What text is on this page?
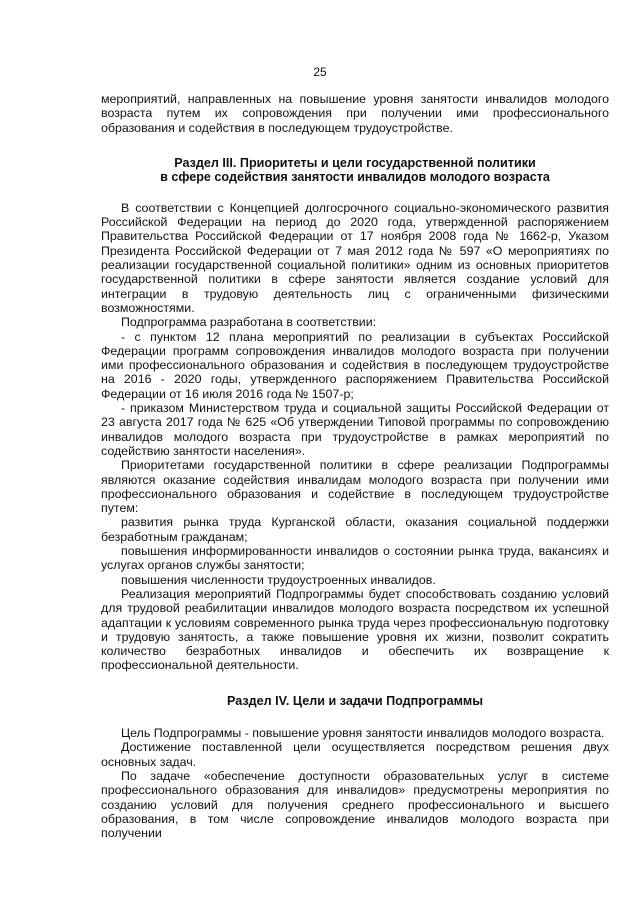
25

мероприятий, направленных на повышение уровня занятости инвалидов молодого возраста путем их сопровождения при получении ими профессионального образования и содействия в последующем трудоустройстве.

Раздел III. Приоритеты и цели государственной политики
в сфере содействия занятости инвалидов молодого возраста

В соответствии с Концепцией долгосрочного социально-экономического развития Российской Федерации на период до 2020 года, утвержденной распоряжением Правительства Российской Федерации от 17 ноября 2008 года № 1662-р, Указом Президента Российской Федерации от 7 мая 2012 года № 597 «О мероприятиях по реализации государственной социальной политики» одним из основных приоритетов государственной политики в сфере занятости является создание условий для интеграции в трудовую деятельность лиц с ограниченными физическими возможностями.

Подпрограмма разработана в соответствии:

- с пунктом 12 плана мероприятий по реализации в субъектах Российской Федерации программ сопровождения инвалидов молодого возраста при получении ими профессионального образования и содействия в последующем трудоустройстве на 2016 - 2020 годы, утвержденного распоряжением Правительства Российской Федерации от 16 июля 2016 года № 1507-р;

- приказом Министерством труда и социальной защиты Российской Федерации от 23 августа 2017 года № 625 «Об утверждении Типовой программы по сопровождению инвалидов молодого возраста при трудоустройстве в рамках мероприятий по содействию занятости населения».

Приоритетами государственной политики в сфере реализации Подпрограммы являются оказание содействия инвалидам молодого возраста при получении ими профессионального образования и содействие в последующем трудоустройстве путем:

развития рынка труда Курганской области, оказания социальной поддержки безработным гражданам;

повышения информированности инвалидов о состоянии рынка труда, вакансиях и услугах органов службы занятости;

повышения численности трудоустроенных инвалидов.

Реализация мероприятий Подпрограммы будет способствовать созданию условий для трудовой реабилитации инвалидов молодого возраста посредством их успешной адаптации к условиям современного рынка труда через профессиональную подготовку и трудовую занятость, а также повышение уровня их жизни, позволит сократить количество безработных инвалидов и обеспечить их возвращение к профессиональной деятельности.

Раздел IV. Цели и задачи Подпрограммы

Цель Подпрограммы - повышение уровня занятости инвалидов молодого возраста.

Достижение поставленной цели осуществляется посредством решения двух основных задач.

По задаче «обеспечение доступности образовательных услуг в системе профессионального образования для инвалидов» предусмотрены мероприятия по созданию условий для получения среднего профессионального и высшего образования, в том числе сопровождение инвалидов молодого возраста при получении
